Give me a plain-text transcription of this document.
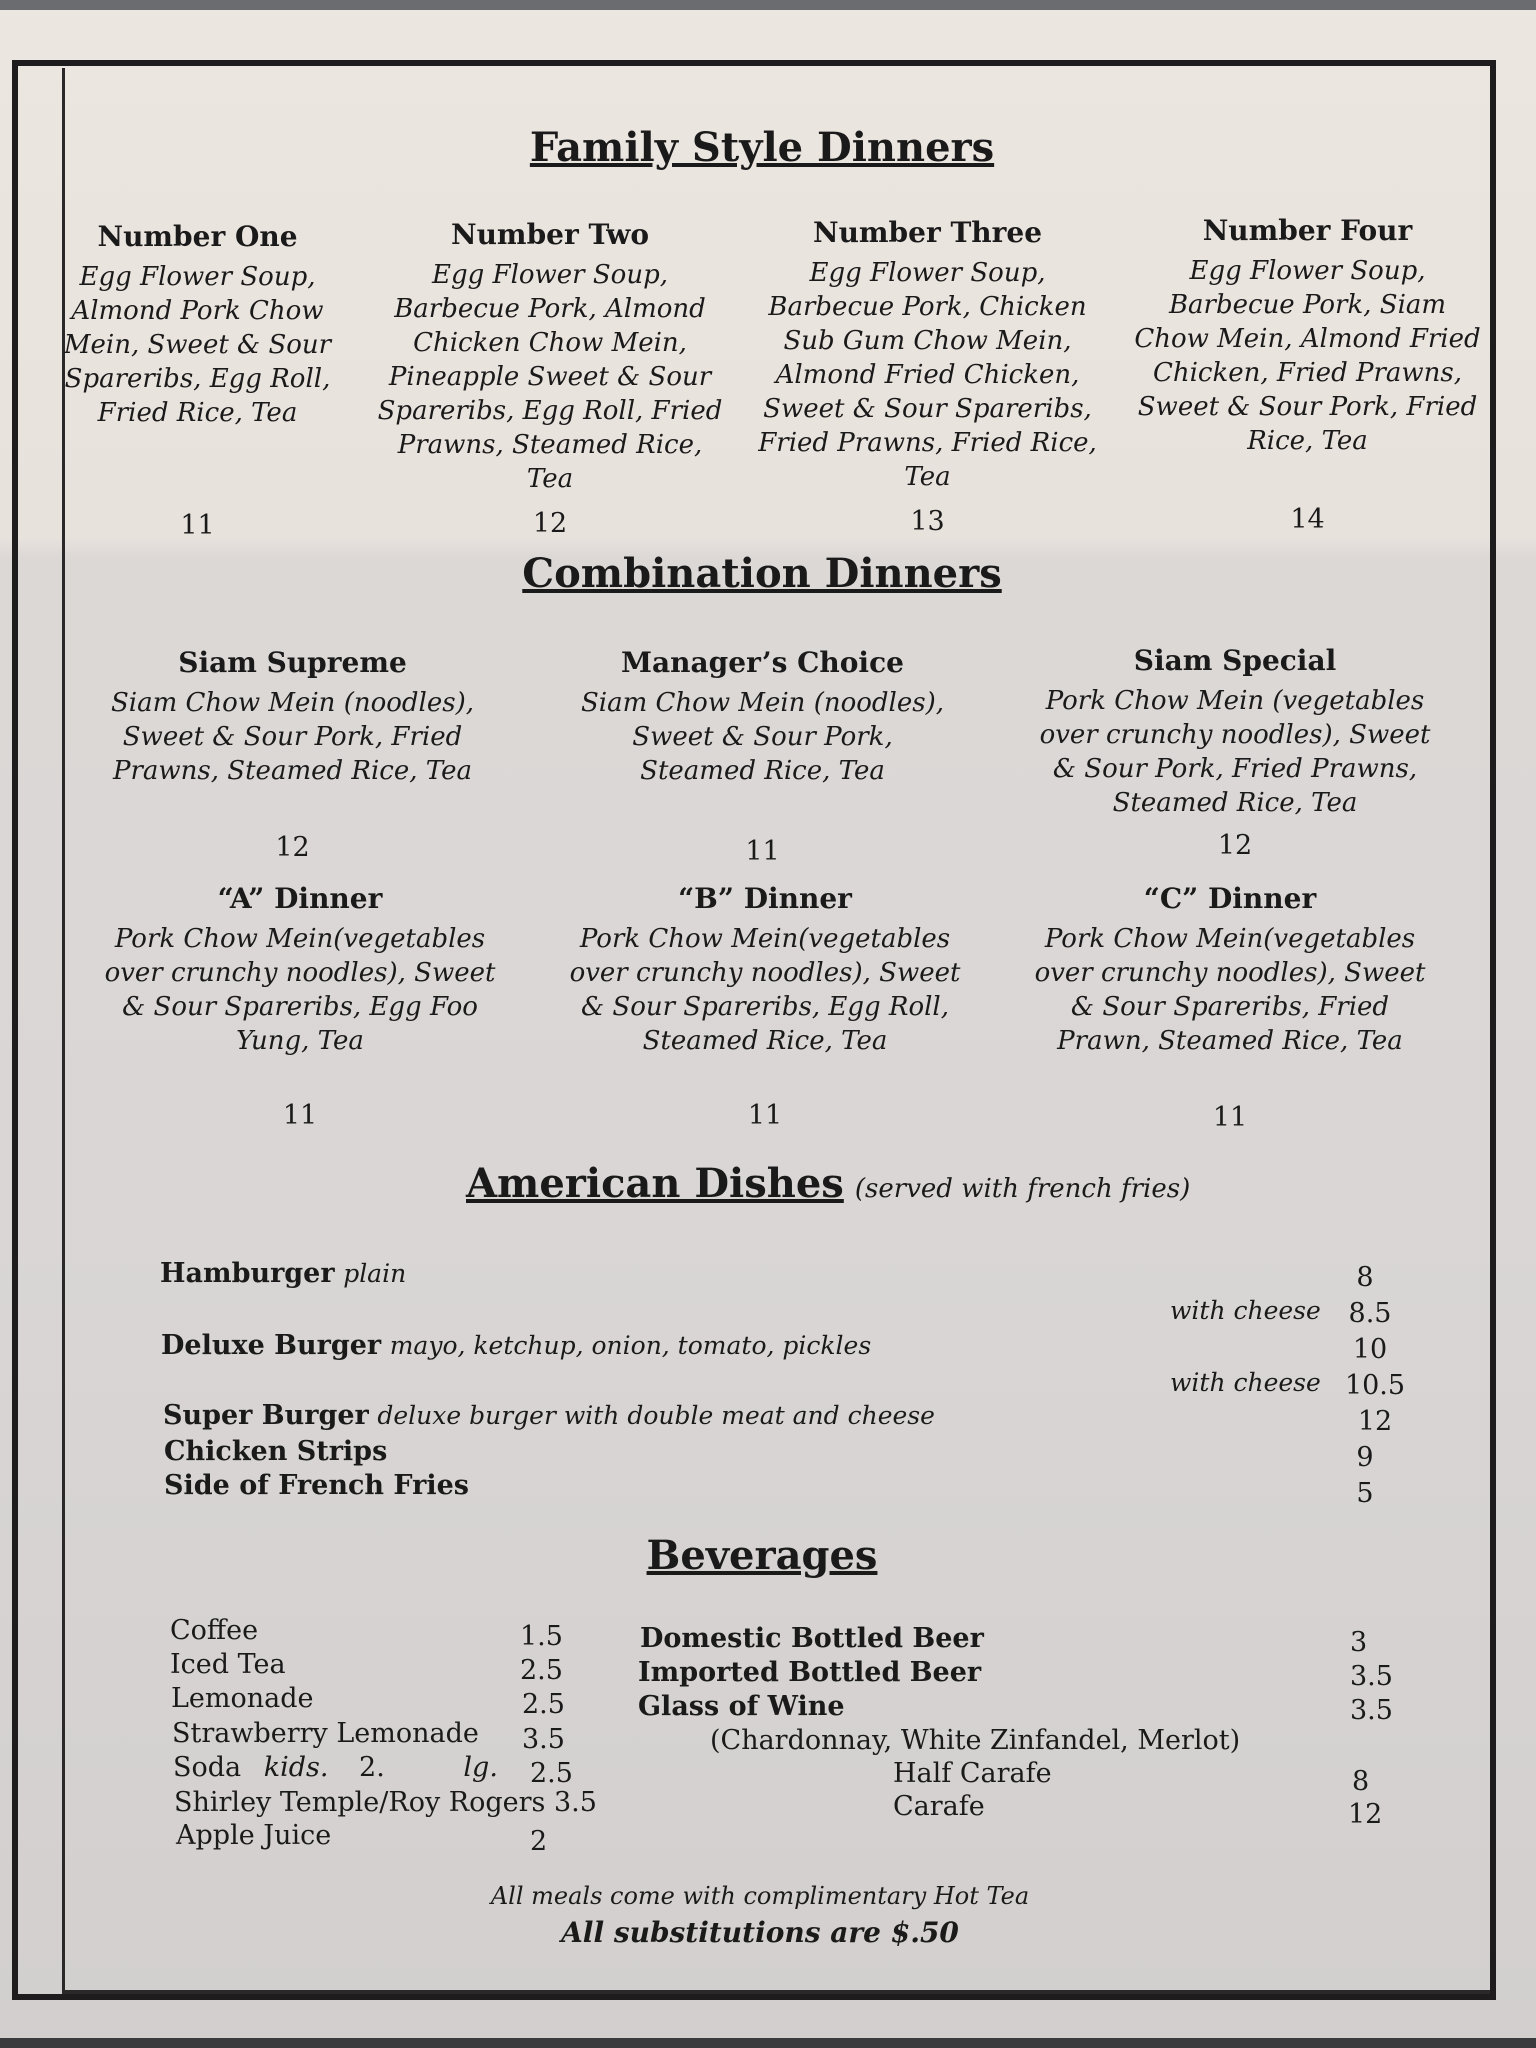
Family Style Dinners
Number One
Egg Flower Soup, Almond Pork Chow Mein, Sweet & Sour Spareribs, Egg Roll, Fried Rice, Tea
11
Number Two
Egg Flower Soup, Barbecue Pork, Almond Chicken Chow Mein, Pineapple Sweet & Sour Spareribs, Egg Roll, Fried Prawns, Steamed Rice, Tea
12
Number Three
Egg Flower Soup, Barbecue Pork, Chicken Sub Gum Chow Mein, Almond Fried Chicken, Sweet & Sour Spareribs, Fried Prawns, Fried Rice, Tea
13
Number Four
Egg Flower Soup, Barbecue Pork, Siam Chow Mein, Almond Fried Chicken, Fried Prawns, Sweet & Sour Pork, Fried Rice, Tea
14
Combination Dinners
Siam Supreme
Siam Chow Mein (noodles), Sweet & Sour Pork, Fried Prawns, Steamed Rice, Tea
12
Manager’s Choice
Siam Chow Mein (noodles), Sweet & Sour Pork, Steamed Rice, Tea
11
Siam Special
Pork Chow Mein (vegetables over crunchy noodles), Sweet & Sour Pork, Fried Prawns, Steamed Rice, Tea
12
“A” Dinner
Pork Chow Mein(vegetables over crunchy noodles), Sweet & Sour Spareribs, Egg Foo Yung, Tea
11
“B” Dinner
Pork Chow Mein(vegetables over crunchy noodles), Sweet & Sour Spareribs, Egg Roll, Steamed Rice, Tea
11
“C” Dinner
Pork Chow Mein(vegetables over crunchy noodles), Sweet & Sour Spareribs, Fried Prawn, Steamed Rice, Tea
11
American Dishes (served with french fries)
Hamburger plain	8
with cheese	8.5
Deluxe Burger mayo, ketchup, onion, tomato, pickles	10
with cheese 10.5
Super Burger deluxe burger with double meat and cheese	12
Chicken Strips	9
Side of French Fries	5
Beverages
Coffee	1.5
Iced Tea	2.5
Lemonade	2.5
Strawberry Lemonade 3.5
Soda kids. 2.	lg. 2.5
Shirley Temple/Roy Rogers 3.5
Apple Juice	2
Domestic Bottled Beer	3
Imported Bottled Beer	3.5
Glass of Wine	3.5
(Chardonnay, White Zinfandel, Merlot)
Half Carafe	8
Carafe	12
All meals come with complimentary Hot Tea
All substitutions are $.50
